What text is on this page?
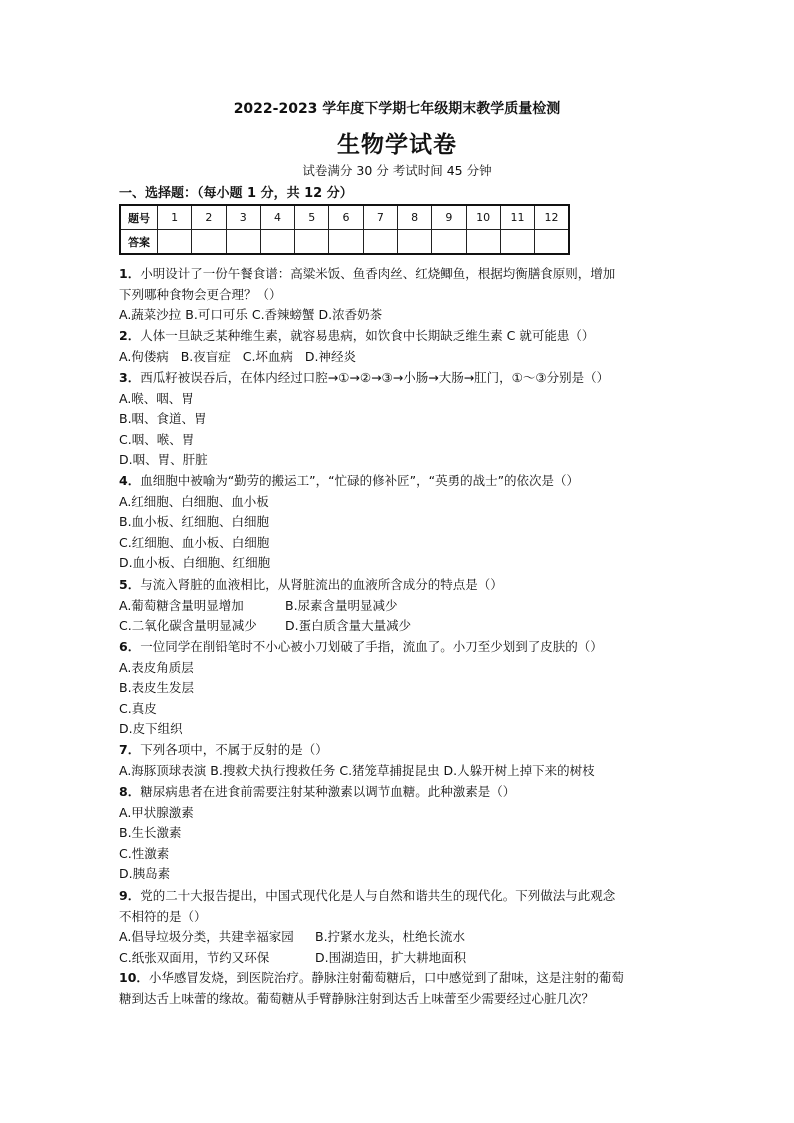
2022-2023 学年度下学期七年级期末教学质量检测
生物学试卷
试卷满分 30 分 考试时间 45 分钟
一、选择题：（每小题 1 分，共 12 分）
题号	1	2	3	4	5	6	7	8	9	10	11	12
答案												
1．小明设计了一份午餐食谱：高粱米饭、鱼香肉丝、红烧鲫鱼，根据均衡膳食原则，增加
下列哪种食物会更合理？（）
A.蔬菜沙拉 B.可口可乐 C.香辣螃蟹 D.浓香奶茶
2．人体一旦缺乏某种维生素，就容易患病，如饮食中长期缺乏维生素 C 就可能患（）
A.佝偻病 B.夜盲症 C.坏血病 D.神经炎
3．西瓜籽被误吞后，在体内经过口腔→①→②→③→小肠→大肠→肛门，①～③分别是（）
A.喉、咽、胃
B.咽、食道、胃
C.咽、喉、胃
D.咽、胃、肝脏
4．血细胞中被喻为“勤劳的搬运工”，“忙碌的修补匠”，“英勇的战士”的依次是（）
A.红细胞、白细胞、血小板
B.血小板、红细胞、白细胞
C.红细胞、血小板、白细胞
D.血小板、白细胞、红细胞
5．与流入肾脏的血液相比，从肾脏流出的血液所含成分的特点是（）
A.葡萄糖含量明显增加	B.尿素含量明显减少
C.二氧化碳含量明显减少 D.蛋白质含量大量减少
6．一位同学在削铅笔时不小心被小刀划破了手指，流血了。小刀至少划到了皮肤的（）
A.表皮角质层
B.表皮生发层
C.真皮
D.皮下组织
7．下列各项中，不属于反射的是（）
A.海豚顶球表演 B.搜救犬执行搜救任务 C.猪笼草捕捉昆虫 D.人躲开树上掉下来的树枝
8．糖尿病患者在进食前需要注射某种激素以调节血糖。此种激素是（）
A.甲状腺激素
B.生长激素
C.性激素
D.胰岛素
9．党的二十大报告提出，中国式现代化是人与自然和谐共生的现代化。下列做法与此观念
不相符的是（）
A.倡导垃圾分类，共建幸福家园 B.拧紧水龙头，杜绝长流水
C.纸张双面用，节约又环保	D.围湖造田，扩大耕地面积
10．小华感冒发烧，到医院治疗。静脉注射葡萄糖后，口中感觉到了甜味，这是注射的葡萄
糖到达舌上味蕾的缘故。葡萄糖从手臂静脉注射到达舌上味蕾至少需要经过心脏几次？
